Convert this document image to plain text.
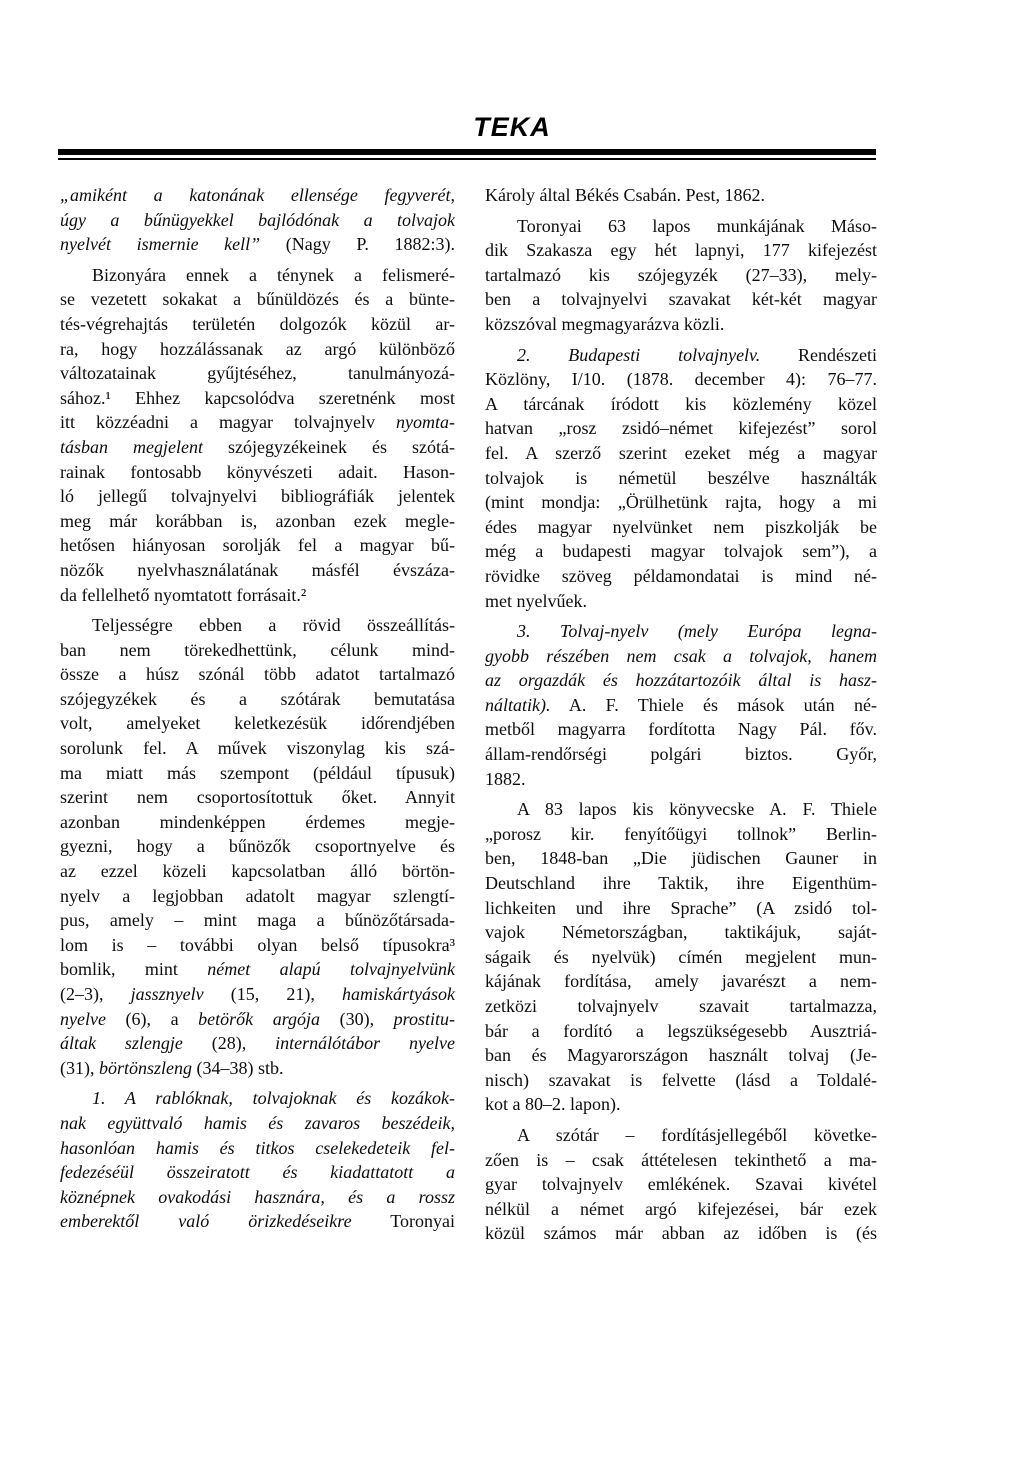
TEKA
„amiként a katonának ellensége fegyverét,
úgy a bűnügyekkel bajlódónak a tolvajok
nyelvét ismernie kell” (Nagy P. 1882:3).
Bizonyára ennek a ténynek a felismeré-
se vezetett sokakat a bűnüldözés és a bünte-
tés-végrehajtás területén dolgozók közül ar-
ra, hogy hozzálássanak az argó különböző
változatainak gyűjtéséhez, tanulmányozá-
sához.¹ Ehhez kapcsolódva szeretnénk most
itt közzéadni a magyar tolvajnyelv nyomta-
tásban megjelent szójegyzékeinek és szótá-
rainak fontosabb könyvészeti adait. Hason-
ló jellegű tolvajnyelvi bibliográfiák jelentek
meg már korábban is, azonban ezek megle-
hetősen hiányosan sorolják fel a magyar bű-
nözők nyelvhasználatának másfél évszáza-
da fellelhető nyomtatott forrásait.²
Teljességre ebben a rövid összeállítás-
ban nem törekedhettünk, célunk mind-
össze a húsz szónál több adatot tartalmazó
szójegyzékek és a szótárak bemutatása
volt, amelyeket keletkezésük időrendjében
sorolunk fel. A művek viszonylag kis szá-
ma miatt más szempont (például típusuk)
szerint nem csoportosítottuk őket. Annyit
azonban mindenképpen érdemes megje-
gyezni, hogy a bűnözők csoportnyelve és
az ezzel közeli kapcsolatban álló börtön-
nyelv a legjobban adatolt magyar szlengtí-
pus, amely – mint maga a bűnözőtársada-
lom is – további olyan belső típusokra³
bomlik, mint német alapú tolvajnyelvünk
(2–3), jassznyelv (15, 21), hamiskártyások
nyelve (6), a betörők argója (30), prostitu-
áltak szlengje (28), internálótábor nyelve
(31), börtönszleng (34–38) stb.
1. A rablóknak, tolvajoknak és kozákok-
nak együttvaló hamis és zavaros beszédeik,
hasonlóan hamis és titkos cselekedeteik fel-
fedezéséül összeiratott és kiadattatott a
köznépnek ovakodási hasznára, és a rossz
emberektől való örizkedéseikre Toronyai
Károly által Békés Csabán. Pest, 1862.
Toronyai 63 lapos munkájának Máso-
dik Szakasza egy hét lapnyi, 177 kifejezést
tartalmazó kis szójegyzék (27–33), mely-
ben a tolvajnyelvi szavakat két-két magyar
közszóval megmagyarázva közli.
2. Budapesti tolvajnyelv. Rendészeti
Közlöny, I/10. (1878. december 4): 76–77.
A tárcának íródott kis közlemény közel
hatvan „rosz zsidó–német kifejezést” sorol
fel. A szerző szerint ezeket még a magyar
tolvajok is németül beszélve használták
(mint mondja: „Örülhetünk rajta, hogy a mi
édes magyar nyelvünket nem piszkolják be
még a budapesti magyar tolvajok sem”), a
rövidke szöveg példamondatai is mind né-
met nyelvűek.
3. Tolvaj-nyelv (mely Európa legna-
gyobb részében nem csak a tolvajok, hanem
az orgazdák és hozzátartozóik által is hasz-
náltatik). A. F. Thiele és mások után né-
metből magyarra fordította Nagy Pál. főv.
állam-rendőrségi polgári biztos. Győr,
1882.
A 83 lapos kis könyvecske A. F. Thiele
„porosz kir. fenyítőügyi tollnok” Berlin-
ben, 1848-ban „Die jüdischen Gauner in
Deutschland ihre Taktik, ihre Eigenthüm-
lichkeiten und ihre Sprache” (A zsidó tol-
vajok Németországban, taktikájuk, saját-
ságaik és nyelvük) címén megjelent mun-
kájának fordítása, amely javarészt a nem-
zetközi tolvajnyelv szavait tartalmazza,
bár a fordító a legszükségesebb Ausztriá-
ban és Magyarországon használt tolvaj (Je-
nisch) szavakat is felvette (lásd a Toldalé-
kot a 80–2. lapon).
A szótár – fordításjellegéből követke-
zően is – csak áttételesen tekinthető a ma-
gyar tolvajnyelv emlékének. Szavai kivétel
nélkül a német argó kifejezései, bár ezek
közül számos már abban az időben is (és
